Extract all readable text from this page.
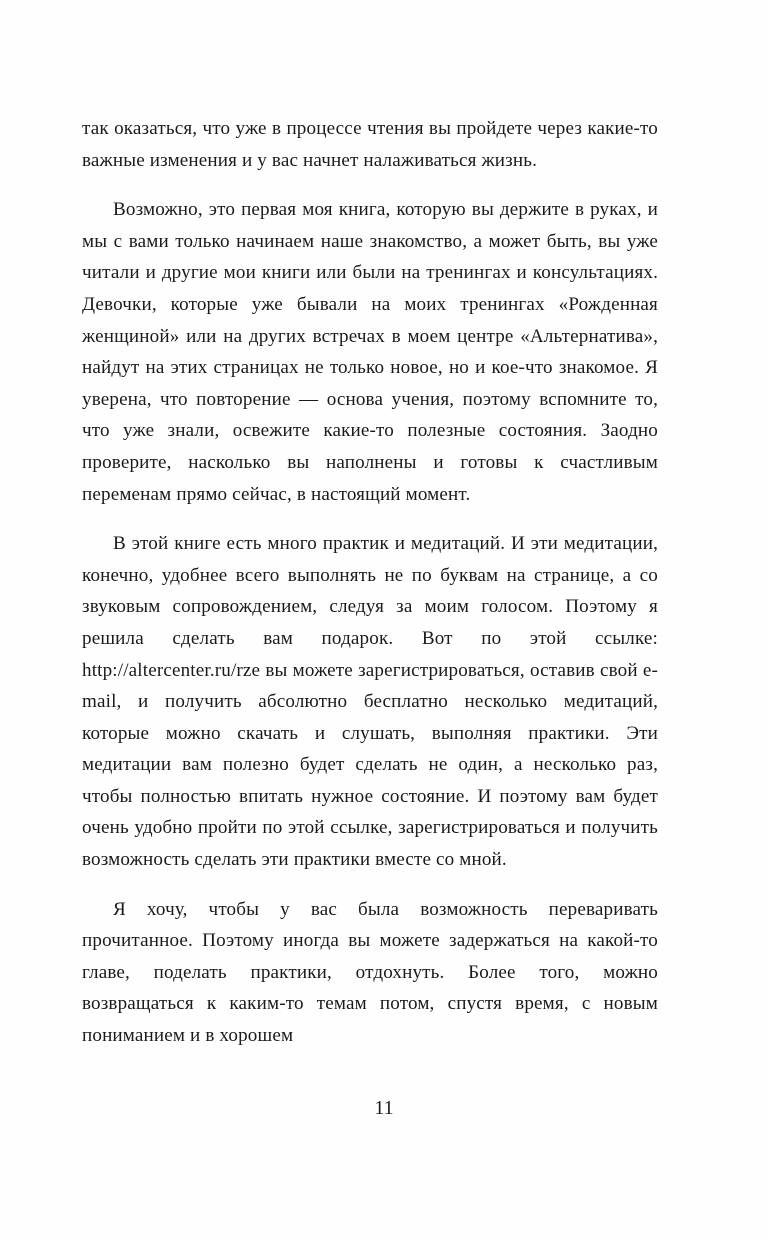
так оказаться, что уже в процессе чтения вы пройдете через какие-то важные изменения и у вас начнет налаживаться жизнь.

Возможно, это первая моя книга, которую вы держите в руках, и мы с вами только начинаем наше знакомство, а может быть, вы уже читали и другие мои книги или были на тренингах и консультациях. Девочки, которые уже бывали на моих тренингах «Рожденная женщиной» или на других встречах в моем центре «Альтернатива», найдут на этих страницах не только новое, но и кое-что знакомое. Я уверена, что повторение — основа учения, поэтому вспомните то, что уже знали, освежите какие-то полезные состояния. Заодно проверите, насколько вы наполнены и готовы к счастливым переменам прямо сейчас, в настоящий момент.

В этой книге есть много практик и медитаций. И эти медитации, конечно, удобнее всего выполнять не по буквам на странице, а со звуковым сопровождением, следуя за моим голосом. Поэтому я решила сделать вам подарок. Вот по этой ссылке: http://altercenter.ru/rze вы можете зарегистрироваться, оставив свой e-mail, и получить абсолютно бесплатно несколько медитаций, которые можно скачать и слушать, выполняя практики. Эти медитации вам полезно будет сделать не один, а несколько раз, чтобы полностью впитать нужное состояние. И поэтому вам будет очень удобно пройти по этой ссылке, зарегистрироваться и получить возможность сделать эти практики вместе со мной.

Я хочу, чтобы у вас была возможность переваривать прочитанное. Поэтому иногда вы можете задержаться на какой-то главе, поделать практики, отдохнуть. Более того, можно возвращаться к каким-то темам потом, спустя время, с новым пониманием и в хорошем

11
